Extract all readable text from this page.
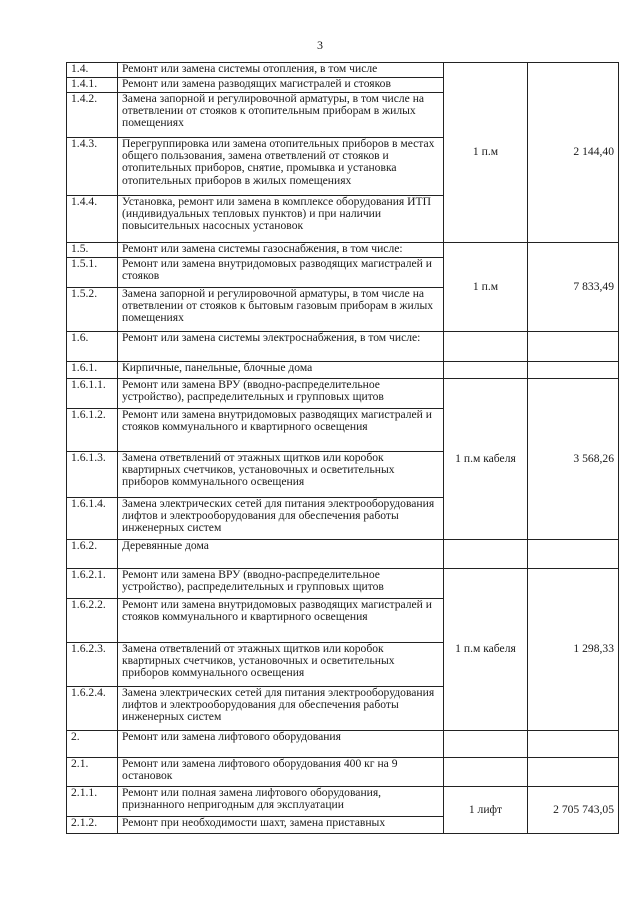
3
1.4.	Ремонт или замена системы отопления, в том числе	1 п.м	2 144,40
1.4.1.	Ремонт или замена разводящих магистралей и стояков		
1.4.2.	Замена запорной и регулировочной арматуры, в том числе на ответвлении от стояков к отопительным приборам в жилых помещениях		
1.4.3.	Перегруппировка или замена отопительных приборов в местах общего пользования, замена ответвлений от стояков и отопительных приборов, снятие, промывка и установка отопительных приборов в жилых помещениях		
1.4.4.	Установка, ремонт или замена в комплексе оборудования ИТП (индивидуальных тепловых пунктов) и при наличии повысительных насосных установок		
1.5.	Ремонт или замена системы газоснабжения, в том числе:	1 п.м	7 833,49
1.5.1.	Ремонт или замена внутридомовых разводящих магистралей и стояков		
1.5.2.	Замена запорной и регулировочной арматуры, в том числе на ответвлении от стояков к бытовым газовым приборам в жилых помещениях		
1.6.	Ремонт или замена системы электроснабжения, в том числе:		
1.6.1.	Кирпичные, панельные, блочные дома		
1.6.1.1.	Ремонт или замена ВРУ (вводно-распределительное устройство), распределительных и групповых щитов	1 п.м кабеля	3 568,26
1.6.1.2.	Ремонт или замена внутридомовых разводящих магистралей и стояков коммунального и квартирного освещения		
1.6.1.3.	Замена ответвлений от этажных щитков или коробок квартирных счетчиков, установочных и осветительных приборов коммунального освещения		
1.6.1.4.	Замена электрических сетей для питания электрооборудования лифтов и электрооборудования для обеспечения работы инженерных систем		
1.6.2.	Деревянные дома		
1.6.2.1.	Ремонт или замена ВРУ (вводно-распределительное устройство), распределительных и групповых щитов	1 п.м кабеля	1 298,33
1.6.2.2.	Ремонт или замена внутридомовых разводящих магистралей и стояков коммунального и квартирного освещения		
1.6.2.3.	Замена ответвлений от этажных щитков или коробок квартирных счетчиков, установочных и осветительных приборов коммунального освещения		
1.6.2.4.	Замена электрических сетей для питания электрооборудования лифтов и электрооборудования для обеспечения работы инженерных систем		
2.	Ремонт или замена лифтового оборудования		
2.1.	Ремонт или замена лифтового оборудования 400 кг на 9 остановок		
2.1.1.	Ремонт или полная замена лифтового оборудования, признанного непригодным для эксплуатации	1 лифт	2 705 743,05
2.1.2.	Ремонт при необходимости шахт, замена приставных		
